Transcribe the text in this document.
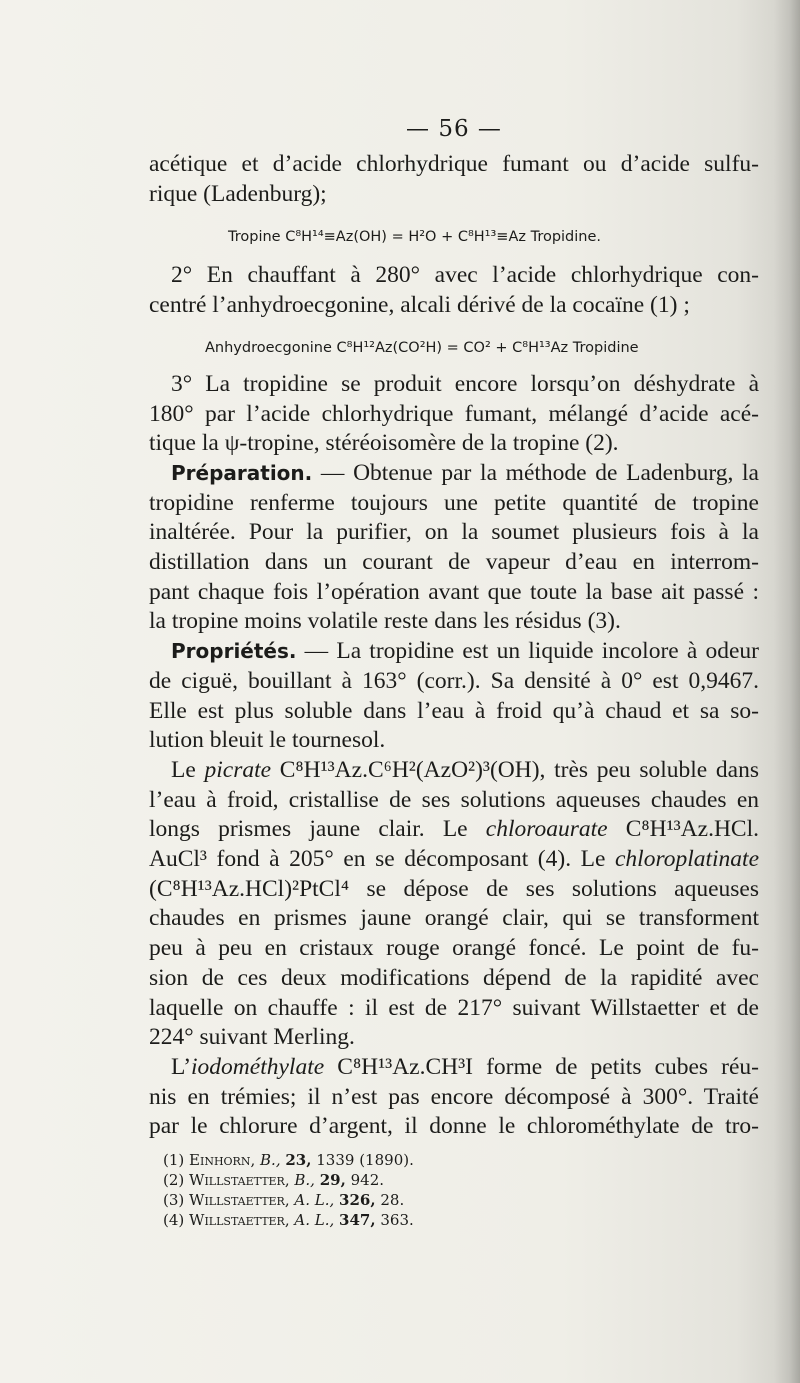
— 56 —
acétique et d’acide chlorhydrique fumant ou d’acide sulfu-
rique (Ladenburg);
2° En chauffant à 280° avec l’acide chlorhydrique con-
centré l’anhydroecgonine, alcali dérivé de la cocaïne (1) ;
3° La tropidine se produit encore lorsqu’on déshydrate à
180° par l’acide chlorhydrique fumant, mélangé d’acide acé-
tique la ψ-tropine, stéréoisomère de la tropine (2).
Préparation. — Obtenue par la méthode de Ladenburg, la
tropidine renferme toujours une petite quantité de tropine
inaltérée. Pour la purifier, on la soumet plusieurs fois à la
distillation dans un courant de vapeur d’eau en interrom-
pant chaque fois l’opération avant que toute la base ait passé :
la tropine moins volatile reste dans les résidus (3).
Propriétés. — La tropidine est un liquide incolore à odeur
de ciguë, bouillant à 163° (corr.). Sa densité à 0° est 0,9467.
Elle est plus soluble dans l’eau à froid qu’à chaud et sa so-
lution bleuit le tournesol.
Le picrate C⁸H¹³Az.C⁶H²(AzO²)³(OH), très peu soluble dans
l’eau à froid, cristallise de ses solutions aqueuses chaudes en
longs prismes jaune clair. Le chloroaurate C⁸H¹³Az.HCl.
AuCl³ fond à 205° en se décomposant (4). Le chloroplatinate
(C⁸H¹³Az.HCl)²PtCl⁴ se dépose de ses solutions aqueuses
chaudes en prismes jaune orangé clair, qui se transforment
peu à peu en cristaux rouge orangé foncé. Le point de fu-
sion de ces deux modifications dépend de la rapidité avec
laquelle on chauffe : il est de 217° suivant Willstaetter et de
224° suivant Merling.
L’iodométhylate C⁸H¹³Az.CH³I forme de petits cubes réu-
nis en trémies; il n’est pas encore décomposé à 300°. Traité
par le chlorure d’argent, il donne le chlorométhylate de tro-
Tropine C⁸H¹⁴≡Az(OH) = H²O + C⁸H¹³≡Az Tropidine.
Anhydroecgonine C⁸H¹²Az(CO²H) = CO² + C⁸H¹³Az Tropidine
(1) Einhorn, B., 23, 1339 (1890).
(2) Willstaetter, B., 29, 942.
(3) Willstaetter, A. L., 326, 28.
(4) Willstaetter, A. L., 347, 363.
